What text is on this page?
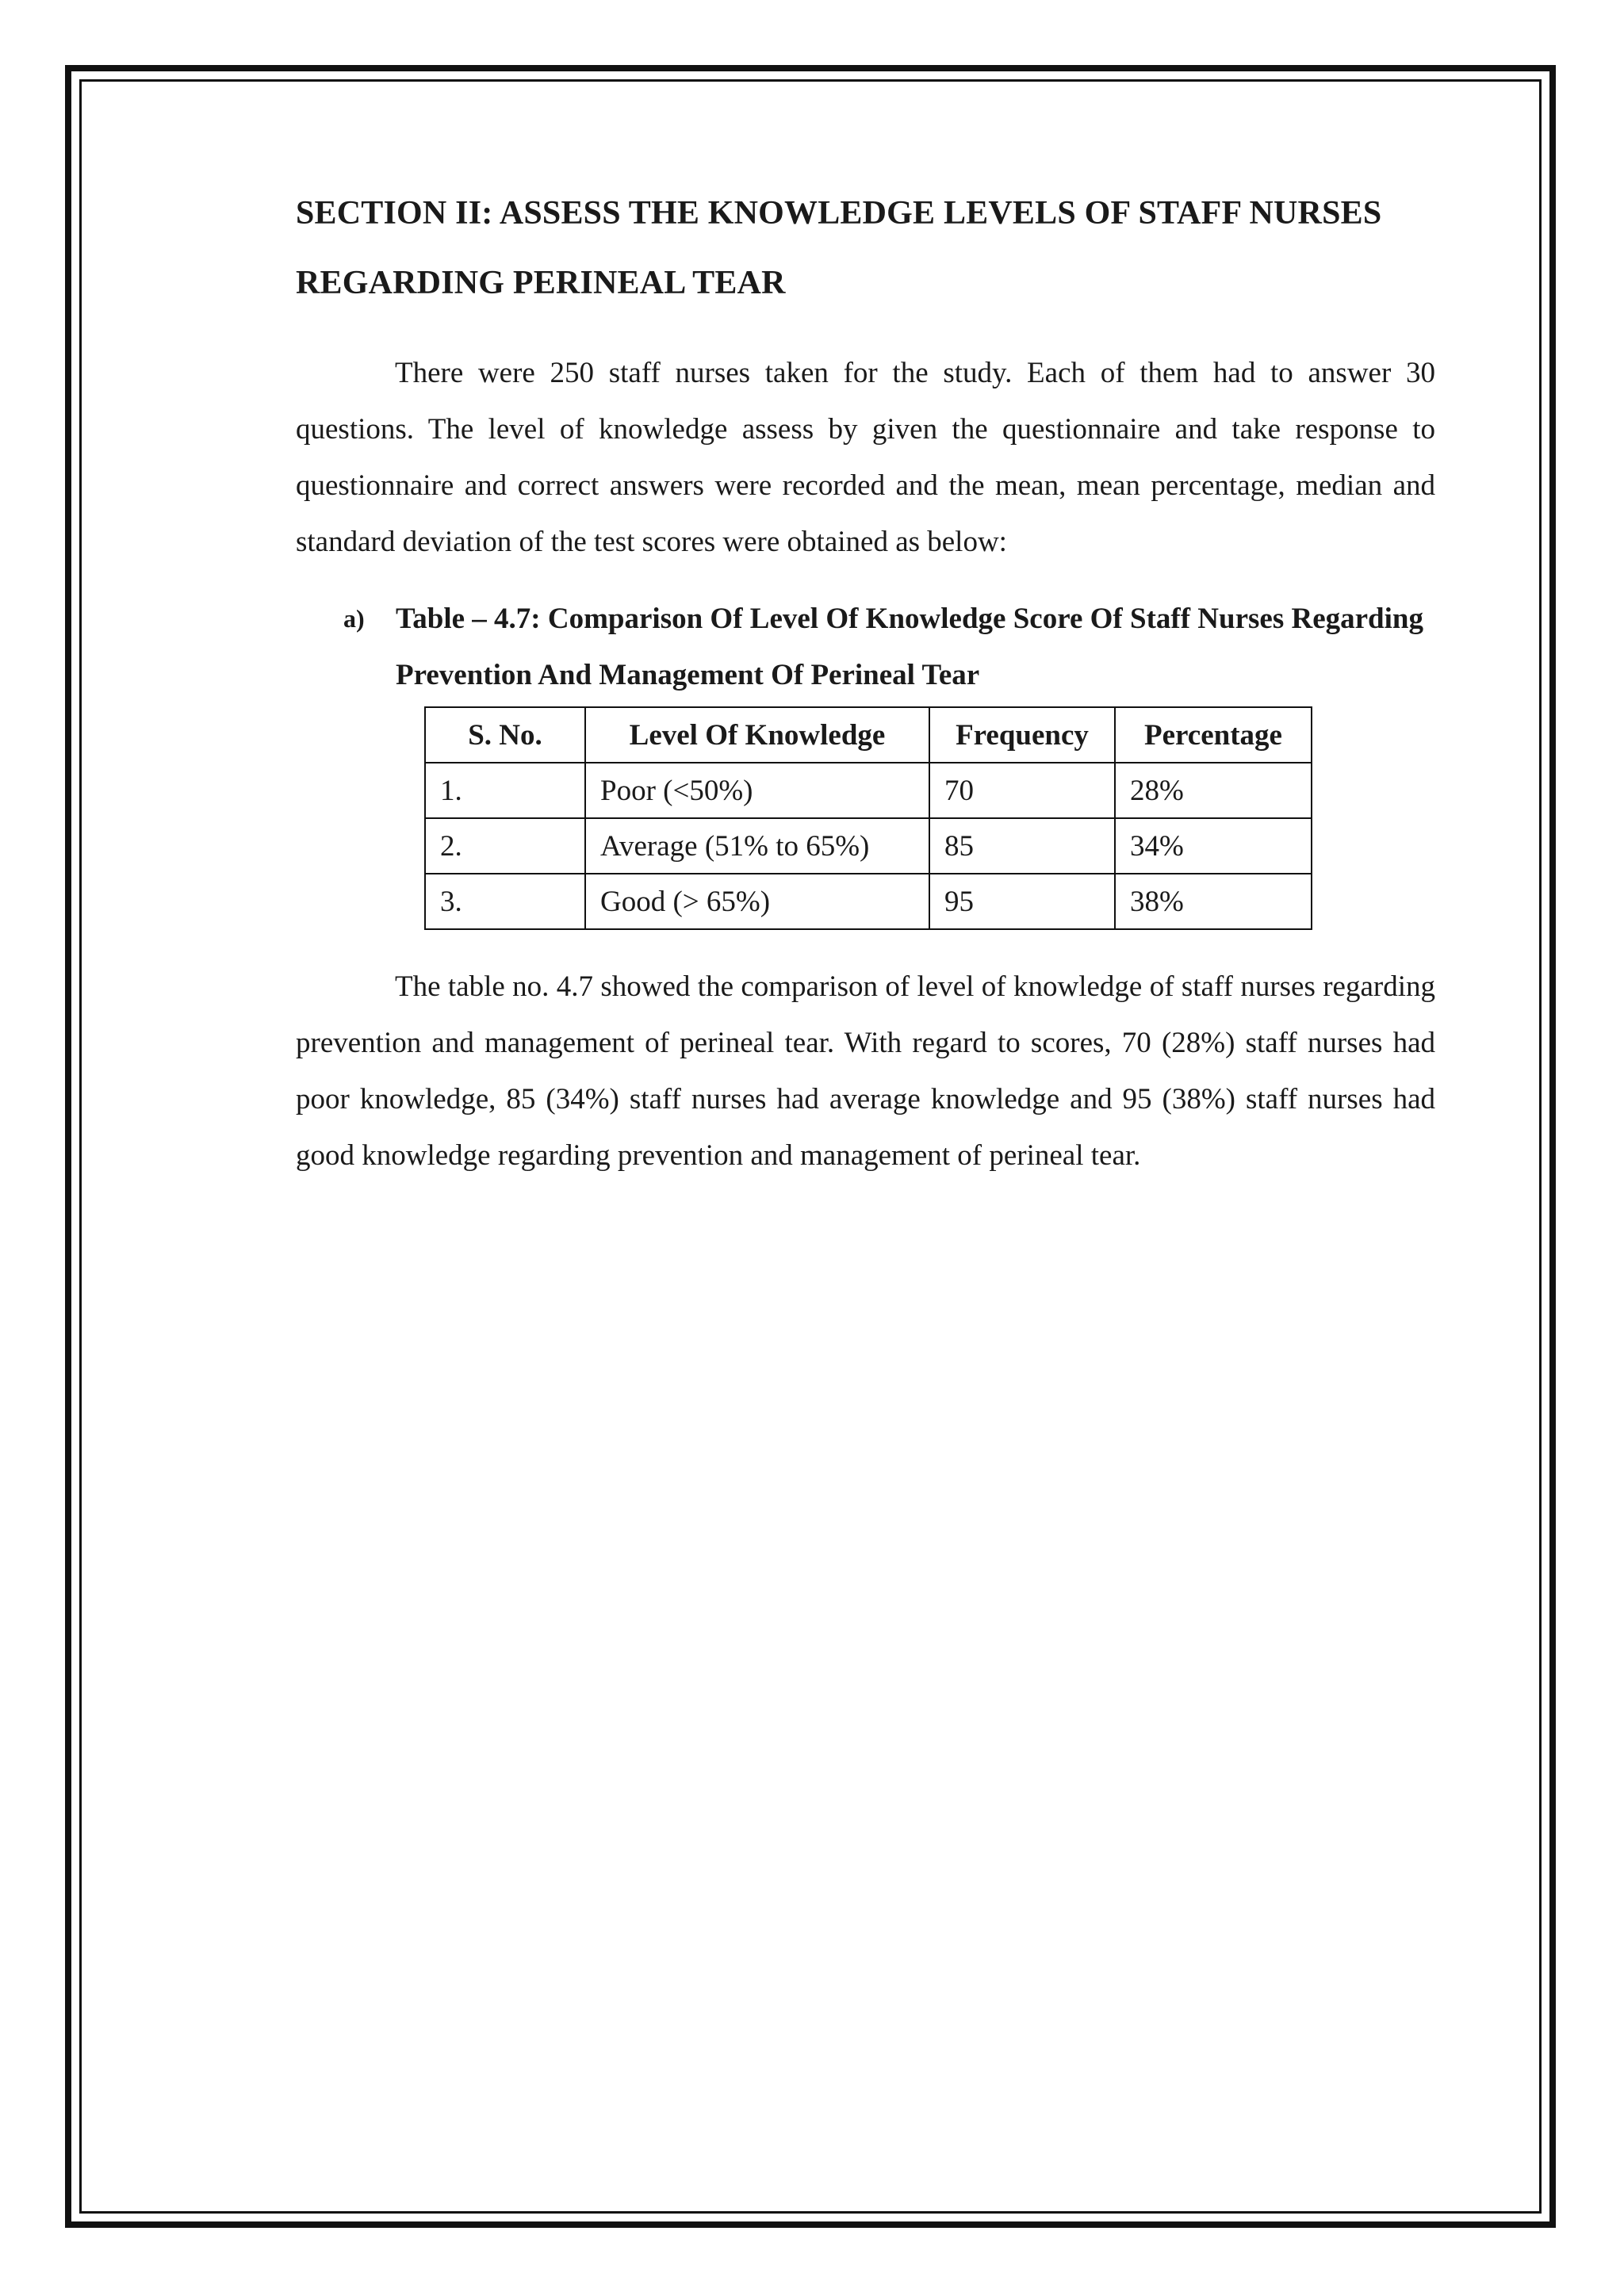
SECTION II: ASSESS THE KNOWLEDGE LEVELS OF STAFF NURSES REGARDING PERINEAL TEAR

There were 250 staff nurses taken for the study. Each of them had to answer 30 questions. The level of knowledge assess by given the questionnaire and take response to questionnaire and correct answers were recorded and the mean, mean percentage, median and standard deviation of the test scores were obtained as below:

a) Table – 4.7: Comparison Of Level Of Knowledge Score Of Staff Nurses Regarding Prevention And Management Of Perineal Tear

S. No.	Level Of Knowledge	Frequency	Percentage
1.	Poor (<50%)	70	28%
2.	Average (51% to 65%)	85	34%
3.	Good (> 65%)	95	38%

The table no. 4.7 showed the comparison of level of knowledge of staff nurses regarding prevention and management of perineal tear. With regard to scores, 70 (28%) staff nurses had poor knowledge, 85 (34%) staff nurses had average knowledge and 95 (38%) staff nurses had good knowledge regarding prevention and management of perineal tear.
